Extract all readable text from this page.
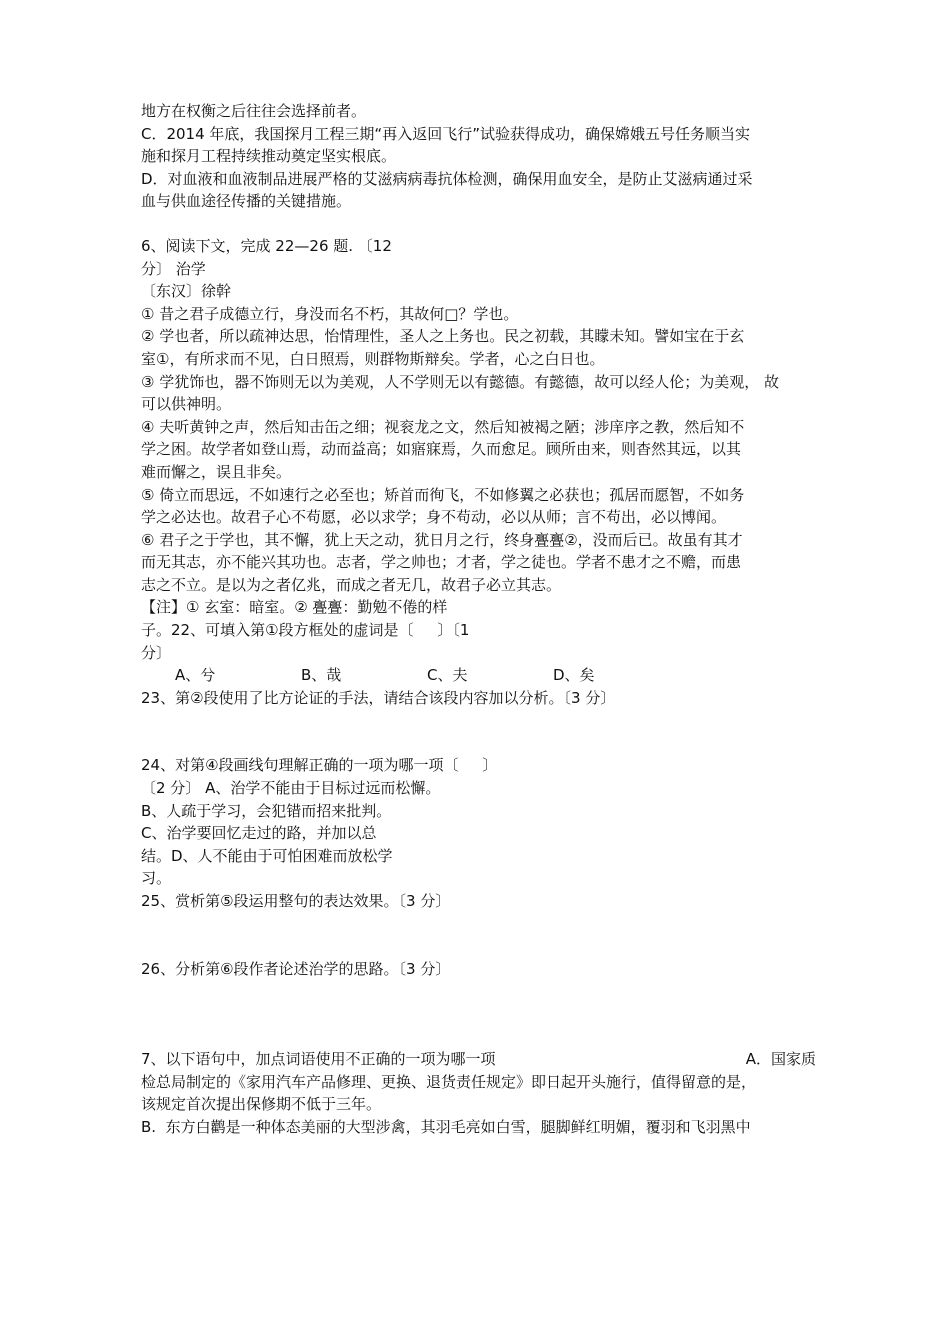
地方在权衡之后往往会选择前者。

C．2014 年底，我国探月工程三期“再入返回飞行”试验获得成功，确保嫦娥五号任务顺当实

施和探月工程持续推动奠定坚实根底。

D．对血液和血液制品进展严格的艾滋病病毒抗体检测，确保用血安全，是防止艾滋病通过采

血与供血途径传播的关键措施。

6、阅读下文，完成 22—26 题. 〔12

分〕 治学

〔东汉〕徐幹

① 昔之君子成德立行，身没而名不朽，其故何□？学也。

② 学也者，所以疏神达思，怡情理性，圣人之上务也。民之初载，其矇未知。譬如宝在于玄

室①，有所求而不见，白日照焉，则群物斯辩矣。学者，心之白日也。

③ 学犹饰也，器不饰则无以为美观，人不学则无以有懿德。有懿德，故可以经人伦；为美观， 故

可以供神明。

④ 夫听黄钟之声，然后知击缶之细；视衮龙之文，然后知被褐之陋；涉庠序之教，然后知不

学之困。故学者如登山焉，动而益高；如寤寐焉，久而愈足。顾所由来，则杳然其远，以其

难而懈之，误且非矣。

⑤ 倚立而思远，不如速行之必至也；矫首而徇飞，不如修翼之必获也；孤居而愿智，不如务

学之必达也。故君子心不苟愿，必以求学；身不苟动，必以从师；言不苟出，必以博闻。

⑥ 君子之于学也，其不懈，犹上天之动，犹日月之行，终身亹亹②，没而后已。故虽有其才

而无其志，亦不能兴其功也。志者，学之帅也；才者，学之徒也。学者不患才之不赡，而患

志之不立。是以为之者亿兆，而成之者无几，故君子必立其志。

【注】① 玄室：暗室。② 亹亹：勤勉不倦的样

子。22、可填入第①段方框处的虚词是〔     〕〔1

分〕

A、兮	B、哉	C、夫	D、矣

23、第②段使用了比方论证的手法，请结合该段内容加以分析。〔3 分〕

24、对第④段画线句理解正确的一项为哪一项〔     〕

〔2 分〕 A、治学不能由于目标过远而松懈。

B、人疏于学习，会犯错而招来批判。

C、治学要回忆走过的路，并加以总

结。D、人不能由于可怕困难而放松学

习。

25、赏析第⑤段运用整句的表达效果。〔3 分〕

26、分析第⑥段作者论述治学的思路。〔3 分〕

7、以下语句中，加点词语使用不正确的一项为哪一项	A．国家质

检总局制定的《家用汽车产品修理、更换、退货责任规定》即日起开头施行，值得留意的是，

该规定首次提出保修期不低于三年。

B.  东方白鹳是一种体态美丽的大型涉禽，其羽毛亮如白雪，腿脚鲜红明媚，覆羽和飞羽黑中
